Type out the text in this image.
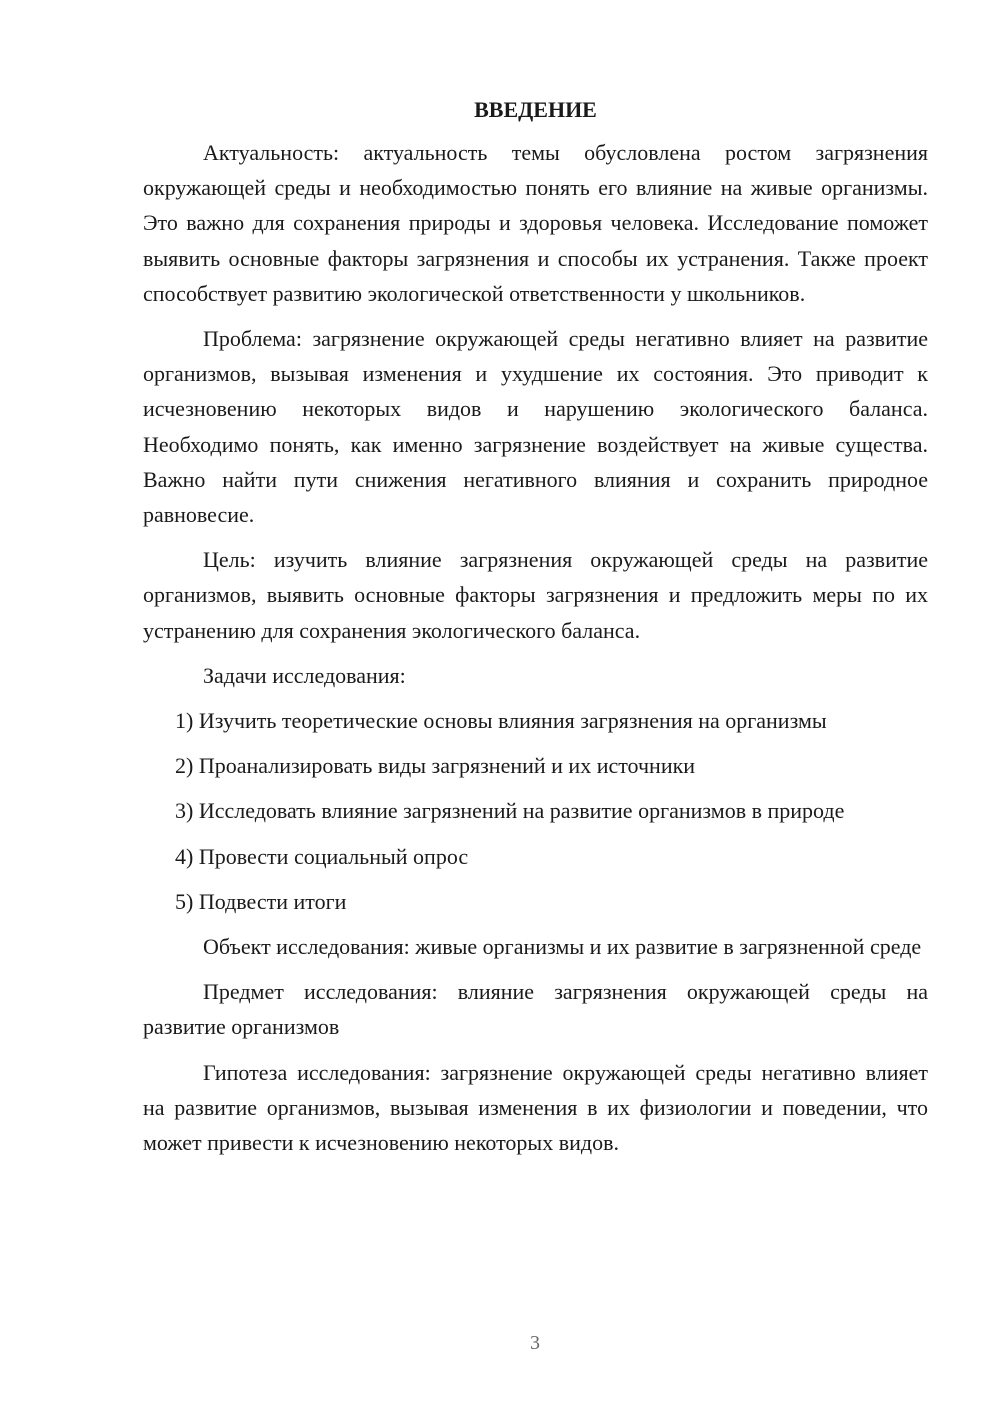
ВВЕДЕНИЕ

Актуальность: актуальность темы обусловлена ростом загрязнения окружающей среды и необходимостью понять его влияние на живые организмы. Это важно для сохранения природы и здоровья человека. Исследование поможет выявить основные факторы загрязнения и способы их устранения. Также проект способствует развитию экологической ответственности у школьников.

Проблема: загрязнение окружающей среды негативно влияет на развитие организмов, вызывая изменения и ухудшение их состояния. Это приводит к исчезновению некоторых видов и нарушению экологического баланса. Необходимо понять, как именно загрязнение воздействует на живые существа. Важно найти пути снижения негативного влияния и сохранить природное равновесие.

Цель: изучить влияние загрязнения окружающей среды на развитие организмов, выявить основные факторы загрязнения и предложить меры по их устранению для сохранения экологического баланса.

Задачи исследования:

1) Изучить теоретические основы влияния загрязнения на организмы

2) Проанализировать виды загрязнений и их источники

3) Исследовать влияние загрязнений на развитие организмов в природе

4) Провести социальный опрос

5) Подвести итоги

Объект исследования: живые организмы и их развитие в загрязненной среде

Предмет исследования: влияние загрязнения окружающей среды на развитие организмов

Гипотеза исследования: загрязнение окружающей среды негативно влияет на развитие организмов, вызывая изменения в их физиологии и поведении, что может привести к исчезновению некоторых видов.

3
